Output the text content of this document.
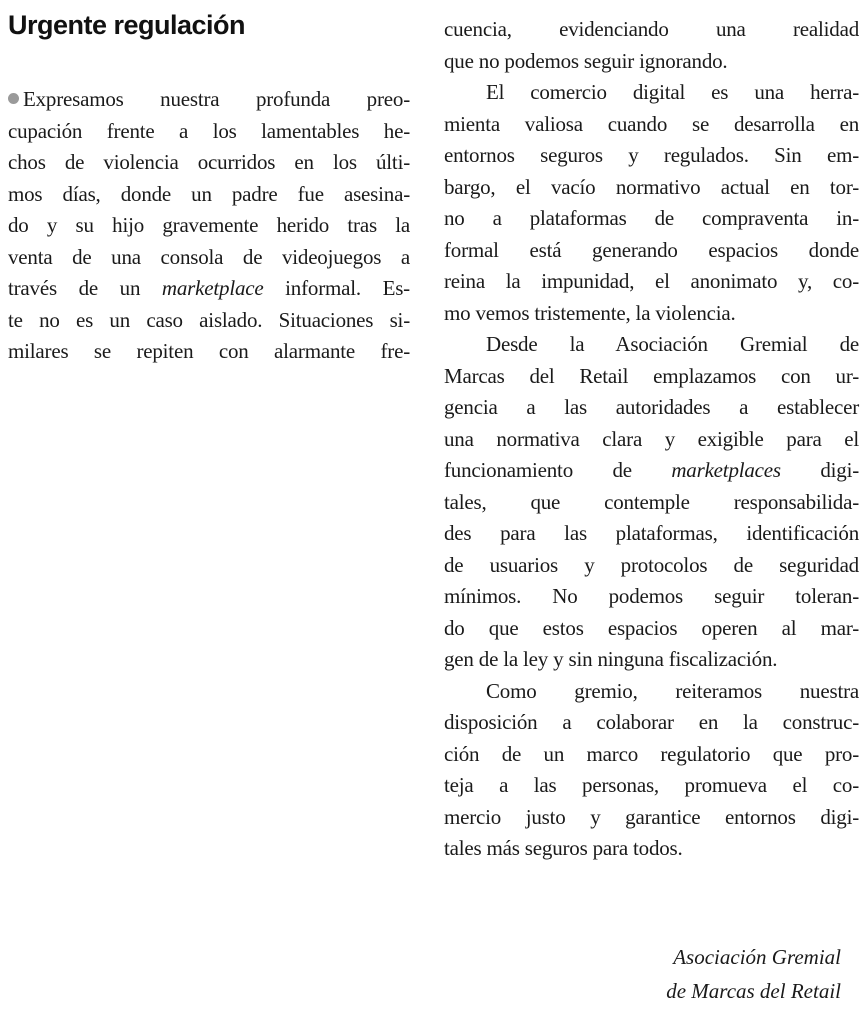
Urgente regulación
Expresamos nuestra profunda preo-
cupación frente a los lamentables he-
chos de violencia ocurridos en los últi-
mos días, donde un padre fue asesina-
do y su hijo gravemente herido tras la
venta de una consola de videojuegos a
través de un marketplace informal. Es-
te no es un caso aislado. Situaciones si-
milares se repiten con alarmante fre-
cuencia, evidenciando una realidad
que no podemos seguir ignorando.
El comercio digital es una herra-
mienta valiosa cuando se desarrolla en
entornos seguros y regulados. Sin em-
bargo, el vacío normativo actual en tor-
no a plataformas de compraventa in-
formal está generando espacios donde
reina la impunidad, el anonimato y, co-
mo vemos tristemente, la violencia.
Desde la Asociación Gremial de
Marcas del Retail emplazamos con ur-
gencia a las autoridades a establecer
una normativa clara y exigible para el
funcionamiento de marketplaces digi-
tales, que contemple responsabilida-
des para las plataformas, identificación
de usuarios y protocolos de seguridad
mínimos. No podemos seguir toleran-
do que estos espacios operen al mar-
gen de la ley y sin ninguna fiscalización.
Como gremio, reiteramos nuestra
disposición a colaborar en la construc-
ción de un marco regulatorio que pro-
teja a las personas, promueva el co-
mercio justo y garantice entornos digi-
tales más seguros para todos.
Asociación Gremial
de Marcas del Retail
